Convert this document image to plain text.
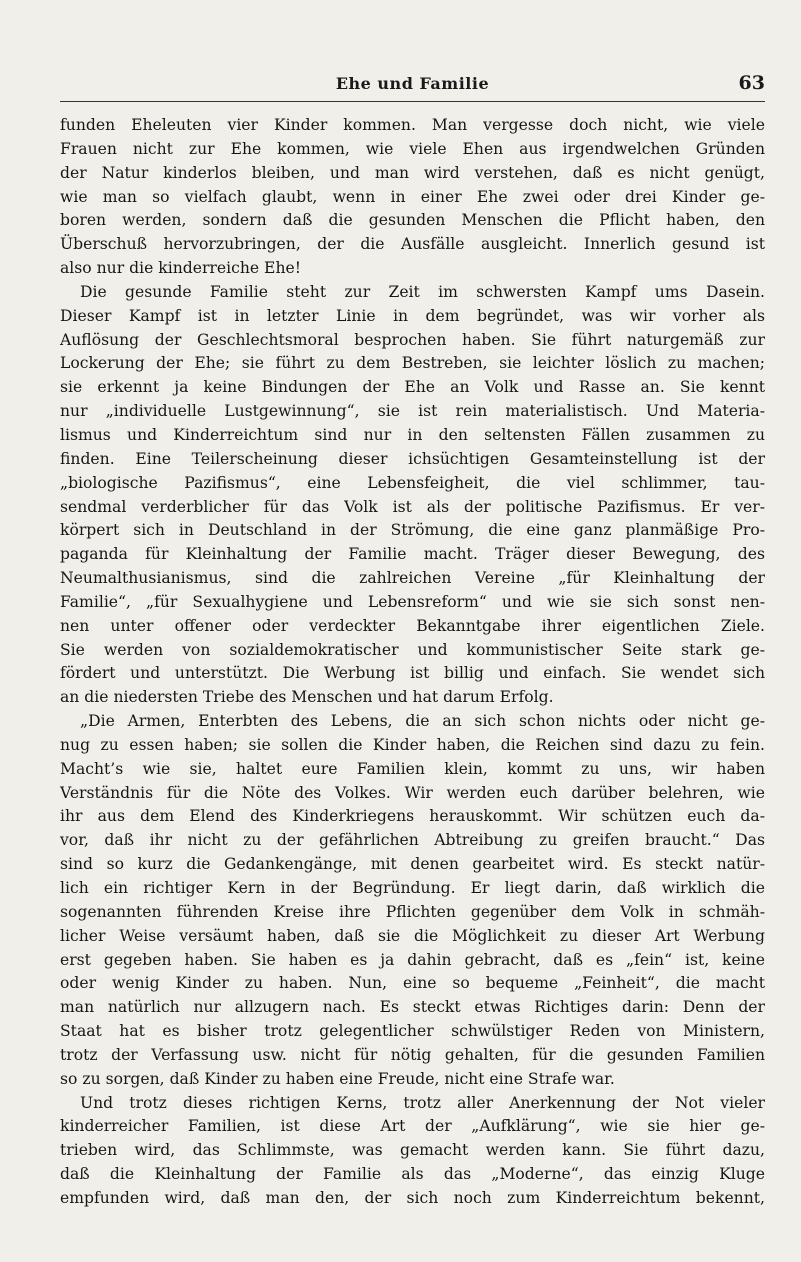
Ehe und Familie	63

funden Eheleuten vier Kinder kommen. Man vergesse doch nicht, wie viele

Frauen nicht zur Ehe kommen, wie viele Ehen aus irgendwelchen Gründen

der Natur kinderlos bleiben, und man wird verstehen, daß es nicht genügt,

wie man so vielfach glaubt, wenn in einer Ehe zwei oder drei Kinder ge-

boren werden, sondern daß die gesunden Menschen die Pflicht haben, den

Überschuß hervorzubringen, der die Ausfälle ausgleicht. Innerlich gesund ist

also nur die kinderreiche Ehe!

Die gesunde Familie steht zur Zeit im schwersten Kampf ums Dasein.

Dieser Kampf ist in letzter Linie in dem begründet, was wir vorher als

Auflösung der Geschlechtsmoral besprochen haben. Sie führt naturgemäß zur

Lockerung der Ehe; sie führt zu dem Bestreben, sie leichter löslich zu machen;

sie erkennt ja keine Bindungen der Ehe an Volk und Rasse an. Sie kennt

nur „individuelle Lustgewinnung“, sie ist rein materialistisch. Und Materia-

lismus und Kinderreichtum sind nur in den seltensten Fällen zusammen zu

finden. Eine Teilerscheinung dieser ichsüchtigen Gesamteinstellung ist der

„biologische Pazifismus“, eine Lebensfeigheit, die viel schlimmer, tau-

sendmal verderblicher für das Volk ist als der politische Pazifismus. Er ver-

körpert sich in Deutschland in der Strömung, die eine ganz planmäßige Pro-

paganda für Kleinhaltung der Familie macht. Träger dieser Bewegung, des

Neumalthusianismus, sind die zahlreichen Vereine „für Kleinhaltung der

Familie“, „für Sexualhygiene und Lebensreform“ und wie sie sich sonst nen-

nen unter offener oder verdeckter Bekanntgabe ihrer eigentlichen Ziele.

Sie werden von sozialdemokratischer und kommunistischer Seite stark ge-

fördert und unterstützt. Die Werbung ist billig und einfach. Sie wendet sich

an die niedersten Triebe des Menschen und hat darum Erfolg.

„Die Armen, Enterbten des Lebens, die an sich schon nichts oder nicht ge-

nug zu essen haben; sie sollen die Kinder haben, die Reichen sind dazu zu fein.

Macht’s wie sie, haltet eure Familien klein, kommt zu uns, wir haben

Verständnis für die Nöte des Volkes. Wir werden euch darüber belehren, wie

ihr aus dem Elend des Kinderkriegens herauskommt. Wir schützen euch da-

vor, daß ihr nicht zu der gefährlichen Abtreibung zu greifen braucht.“ Das

sind so kurz die Gedankengänge, mit denen gearbeitet wird. Es steckt natür-

lich ein richtiger Kern in der Begründung. Er liegt darin, daß wirklich die

sogenannten führenden Kreise ihre Pflichten gegenüber dem Volk in schmäh-

licher Weise versäumt haben, daß sie die Möglichkeit zu dieser Art Werbung

erst gegeben haben. Sie haben es ja dahin gebracht, daß es „fein“ ist, keine

oder wenig Kinder zu haben. Nun, eine so bequeme „Feinheit“, die macht

man natürlich nur allzugern nach. Es steckt etwas Richtiges darin: Denn der

Staat hat es bisher trotz gelegentlicher schwülstiger Reden von Ministern,

trotz der Verfassung usw. nicht für nötig gehalten, für die gesunden Familien

so zu sorgen, daß Kinder zu haben eine Freude, nicht eine Strafe war.

Und trotz dieses richtigen Kerns, trotz aller Anerkennung der Not vieler

kinderreicher Familien, ist diese Art der „Aufklärung“, wie sie hier ge-

trieben wird, das Schlimmste, was gemacht werden kann. Sie führt dazu,

daß die Kleinhaltung der Familie als das „Moderne“, das einzig Kluge

empfunden wird, daß man den, der sich noch zum Kinderreichtum bekennt,
